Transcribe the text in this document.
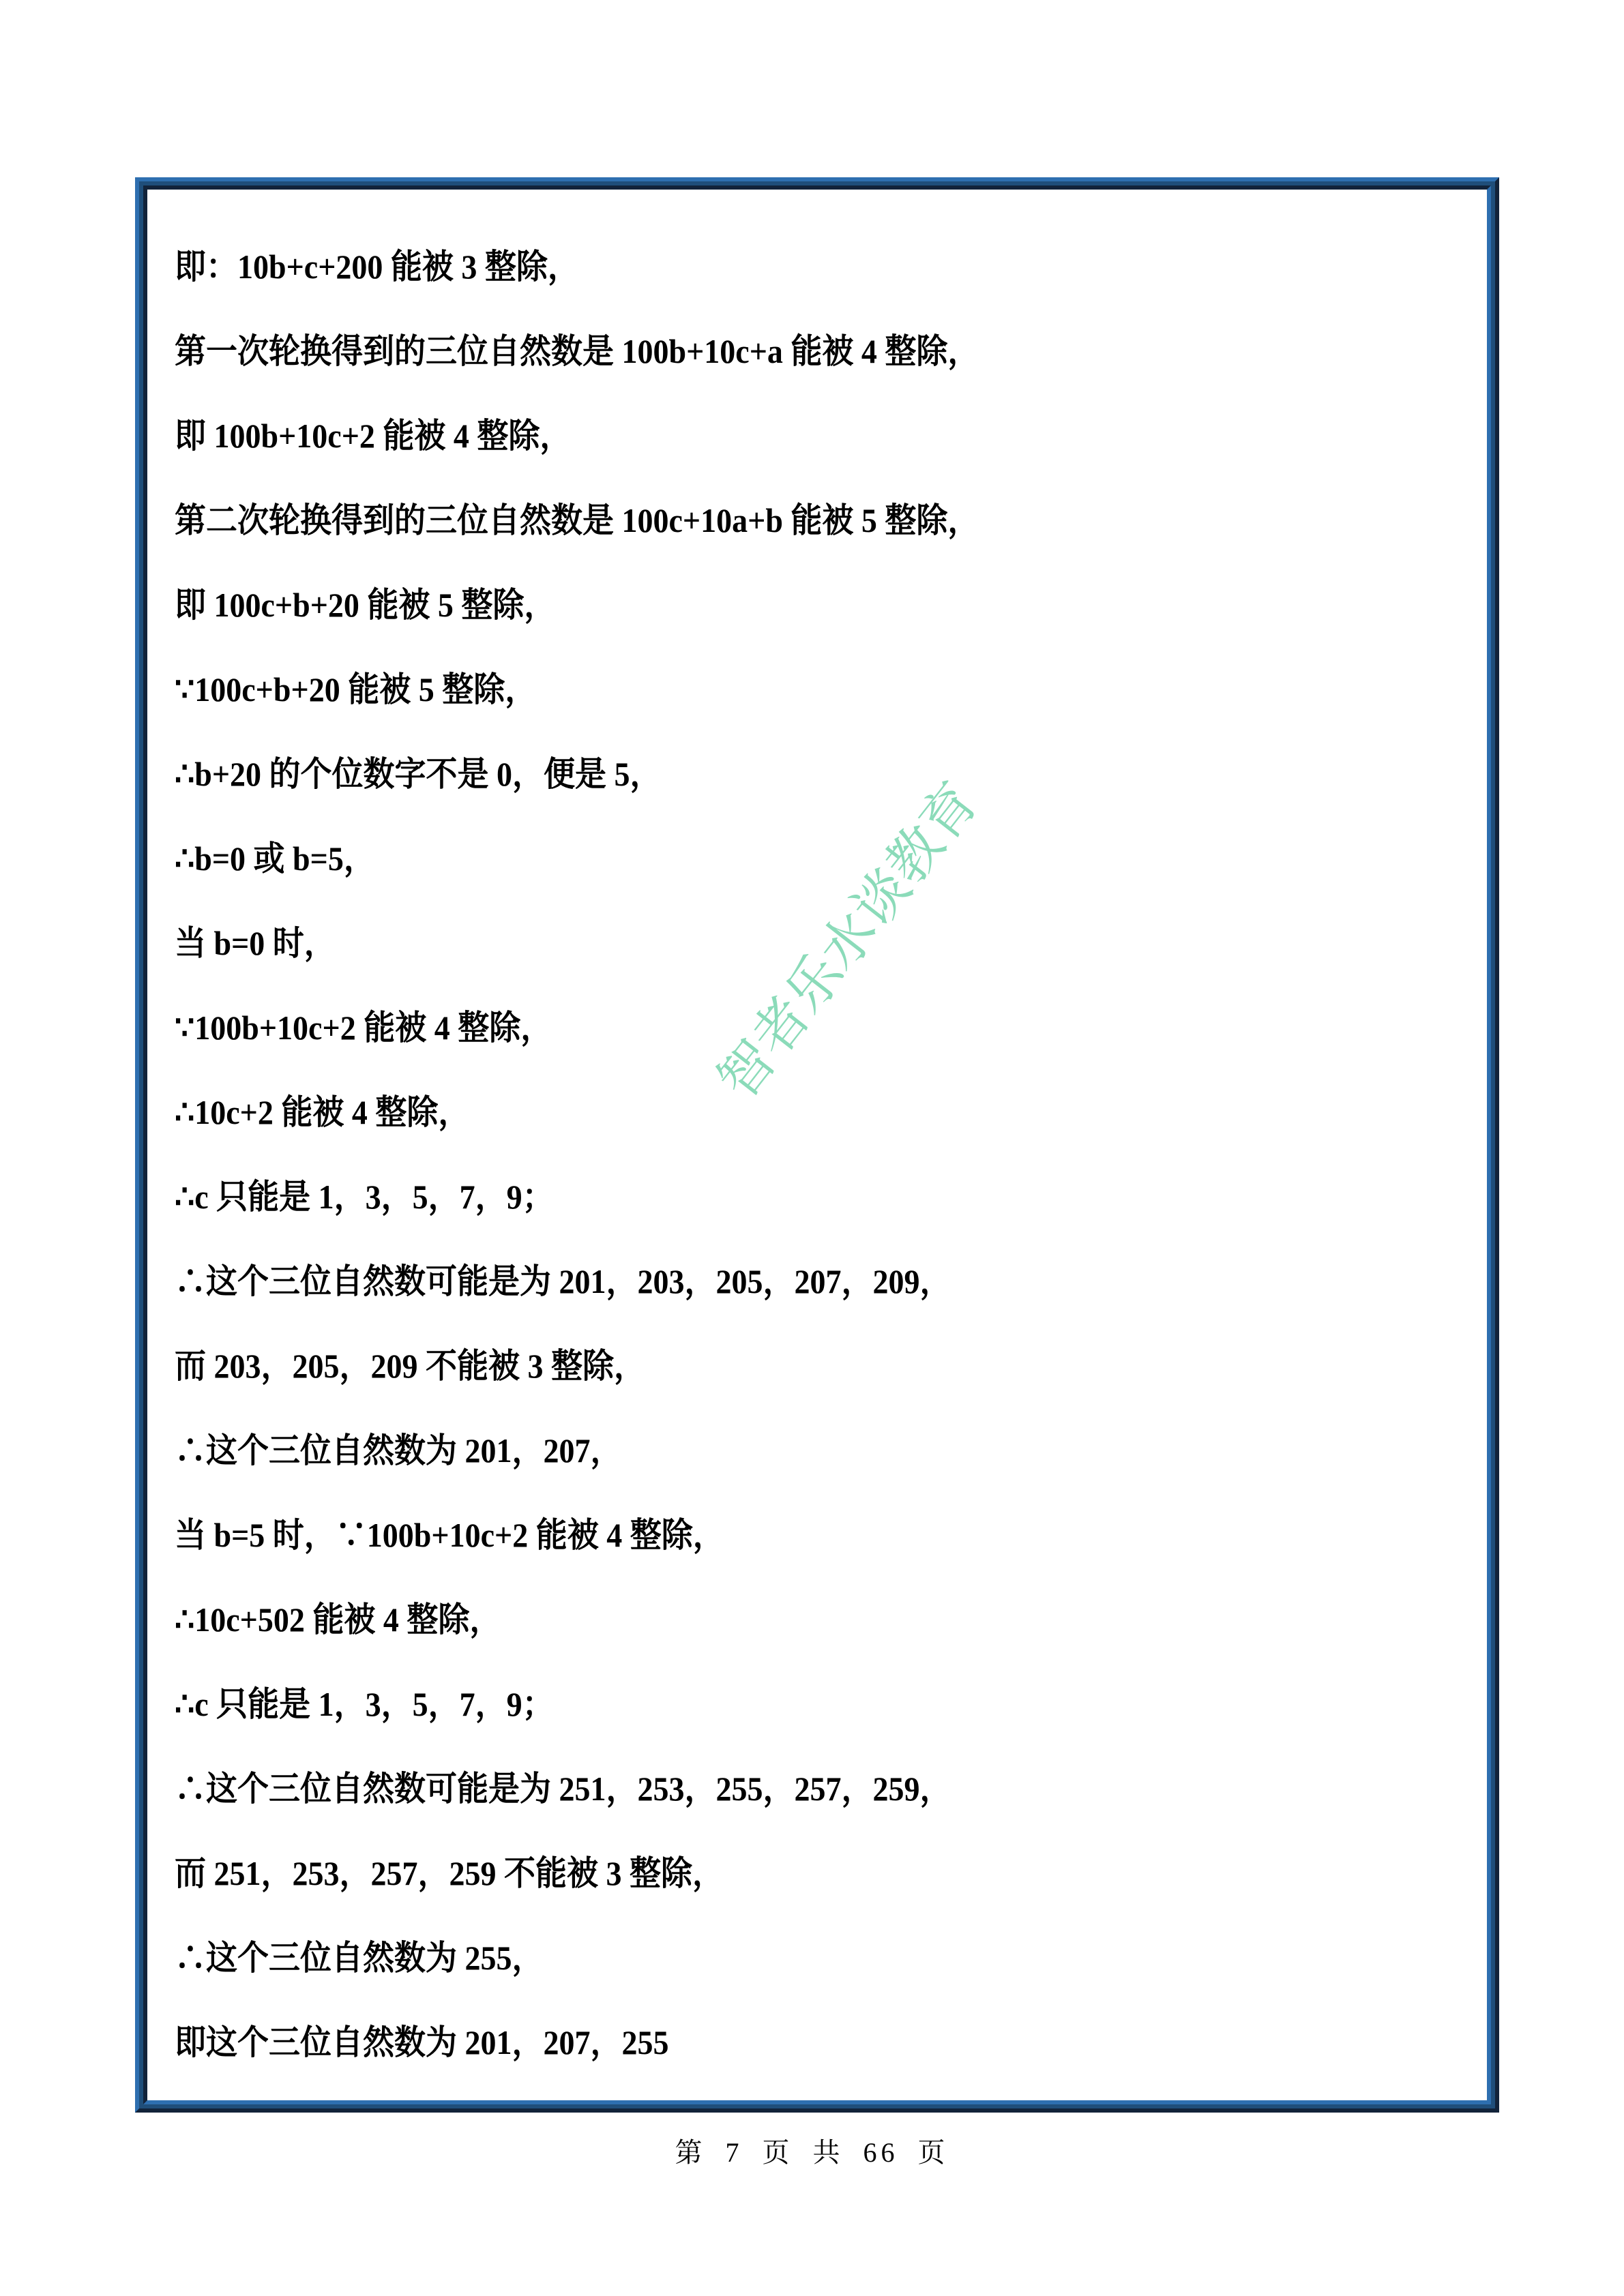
即：10b+c+200 能被 3 整除，
第一次轮换得到的三位自然数是 100b+10c+a 能被 4 整除，
即 100b+10c+2 能被 4 整除，
第二次轮换得到的三位自然数是 100c+10a+b 能被 5 整除，
即 100c+b+20 能被 5 整除，
∵100c+b+20 能被 5 整除，
∴b+20 的个位数字不是 0，便是 5，
∴b=0 或 b=5，
当 b=0 时，
∵100b+10c+2 能被 4 整除，
∴10c+2 能被 4 整除，
∴c 只能是 1，3，5，7，9；
∴这个三位自然数可能是为 201，203，205，207，209，
而 203，205，209 不能被 3 整除，
∴这个三位自然数为 201，207，
当 b=5 时，∵100b+10c+2 能被 4 整除，
∴10c+502 能被 4 整除，
∴c 只能是 1，3，5，7，9；
∴这个三位自然数可能是为 251，253，255，257，259，
而 251，253，257，259 不能被 3 整除，
∴这个三位自然数为 255，
即这个三位自然数为 201，207，255
智者乐水谈教育
第 7 页 共 66 页
